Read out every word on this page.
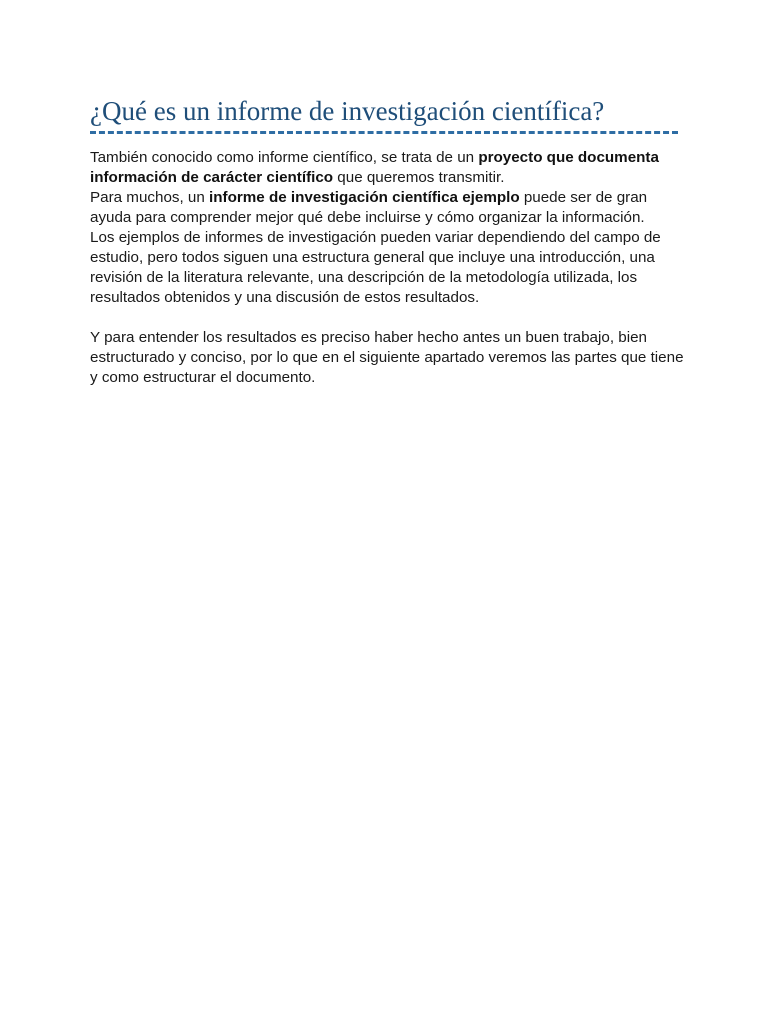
¿Qué es un informe de investigación científica?

También conocido como informe científico, se trata de un proyecto que documenta información de carácter científico que queremos transmitir.

Para muchos, un informe de investigación científica ejemplo puede ser de gran ayuda para comprender mejor qué debe incluirse y cómo organizar la información.

Los ejemplos de informes de investigación pueden variar dependiendo del campo de estudio, pero todos siguen una estructura general que incluye una introducción, una revisión de la literatura relevante, una descripción de la metodología utilizada, los resultados obtenidos y una discusión de estos resultados.

Y para entender los resultados es preciso haber hecho antes un buen trabajo, bien estructurado y conciso, por lo que en el siguiente apartado veremos las partes que tiene y como estructurar el documento.
